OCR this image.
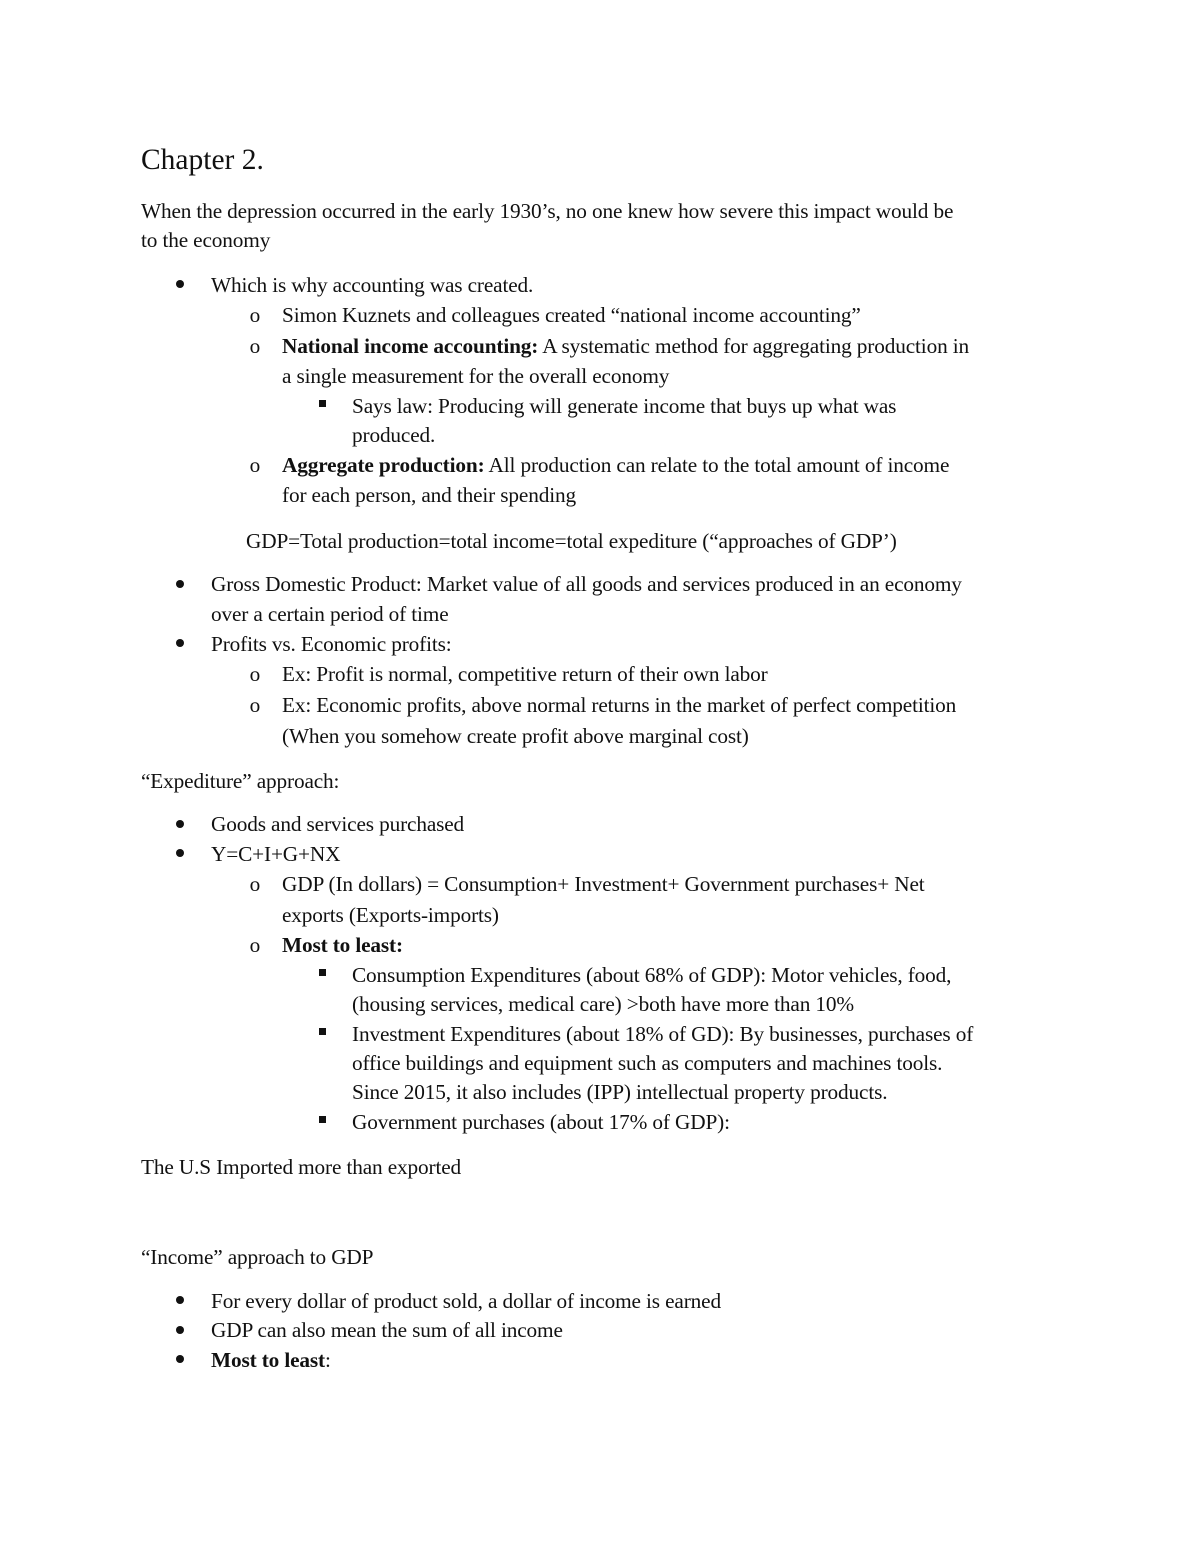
Chapter 2.
When the depression occurred in the early 1930’s, no one knew how severe this impact would be
to the economy
Which is why accounting was created.
o Simon Kuznets and colleagues created “national income accounting”
o National income accounting: A systematic method for aggregating production in
a single measurement for the overall economy
Says law: Producing will generate income that buys up what was
produced.
o Aggregate production: All production can relate to the total amount of income
for each person, and their spending
GDP=Total production=total income=total expediture (“approaches of GDP’)
Gross Domestic Product: Market value of all goods and services produced in an economy
over a certain period of time
Profits vs. Economic profits:
o Ex: Profit is normal, competitive return of their own labor
o Ex: Economic profits, above normal returns in the market of perfect competition
(When you somehow create profit above marginal cost)
“Expediture” approach:
Goods and services purchased
Y=C+I+G+NX
o GDP (In dollars) = Consumption+ Investment+ Government purchases+ Net
exports (Exports-imports)
o Most to least:
Consumption Expenditures (about 68% of GDP): Motor vehicles, food,
(housing services, medical care) >both have more than 10%
Investment Expenditures (about 18% of GD): By businesses, purchases of
office buildings and equipment such as computers and machines tools.
Since 2015, it also includes (IPP) intellectual property products.
Government purchases (about 17% of GDP):
The U.S Imported more than exported
“Income” approach to GDP
For every dollar of product sold, a dollar of income is earned
GDP can also mean the sum of all income
Most to least:
